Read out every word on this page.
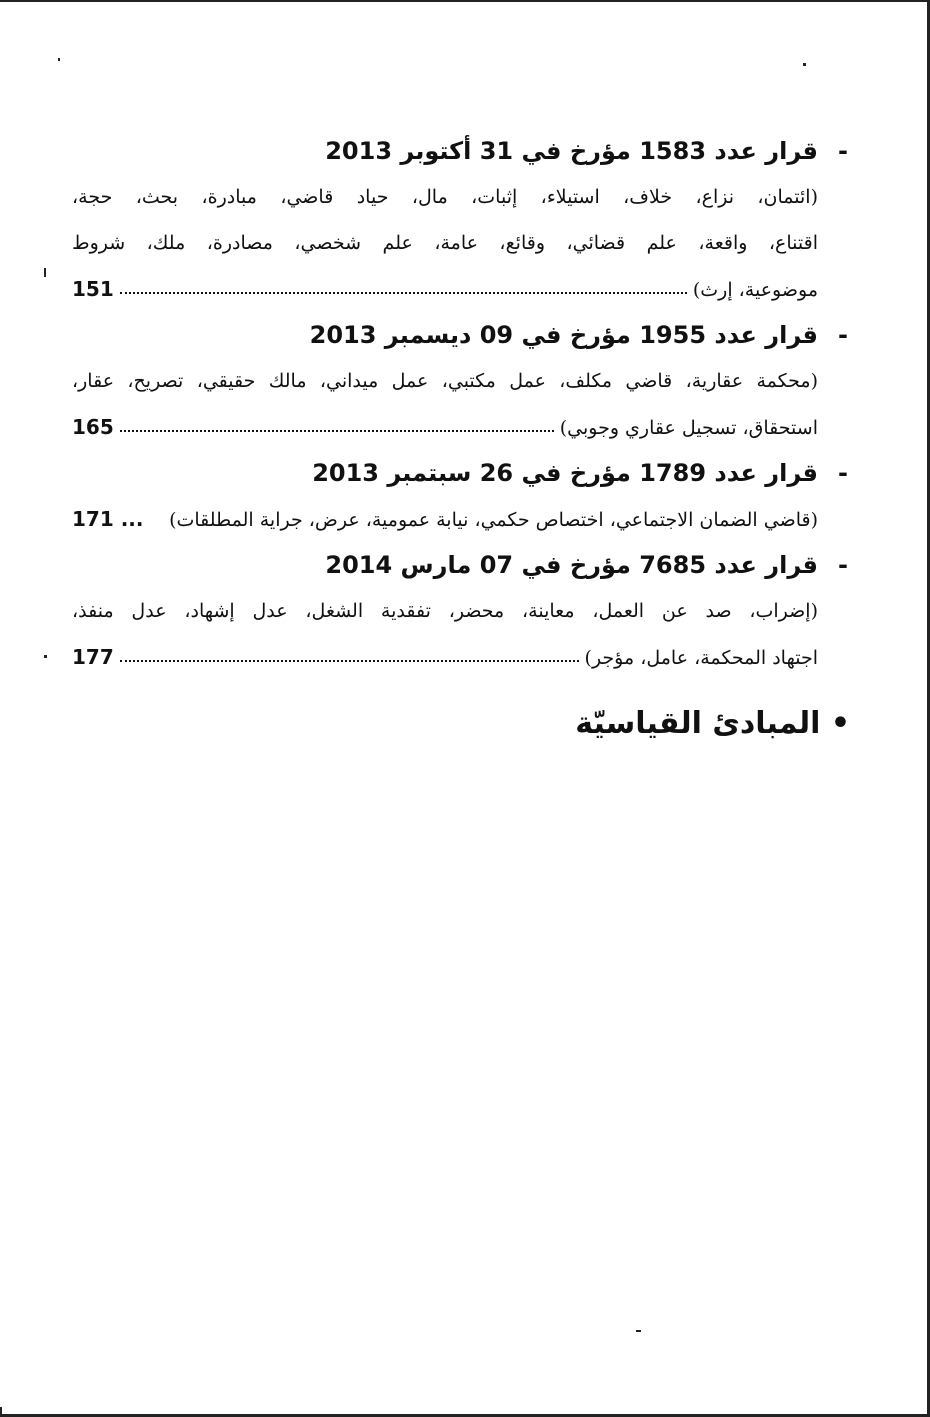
-
قرار عدد 1583 مؤرخ في 31 أكتوبر 2013
(ائتمان، نزاع، خلاف، استيلاء، إثبات، مال، حياد قاضي، مبادرة، بحث، حجة،
اقتناع، واقعة، علم قضائي، وقائع، عامة، علم شخصي، مصادرة، ملك، شروط
موضوعية، إرث)
151
-
قرار عدد 1955 مؤرخ في 09 ديسمبر 2013
(محكمة عقارية، قاضي مكلف، عمل مكتبي، عمل ميداني، مالك حقيقي، تصريح، عقار،
استحقاق، تسجيل عقاري وجوبي)
165
-
قرار عدد 1789 مؤرخ في 26 سبتمبر 2013
(قاضي الضمان الاجتماعي، اختصاص حكمي، نيابة عمومية، عرض، جراية المطلقات)
171 ...
-
قرار عدد 7685 مؤرخ في 07 مارس 2014
(إضراب، صد عن العمل، معاينة، محضر، تفقدية الشغل، عدل إشهاد، عدل منفذ،
اجتهاد المحكمة، عامل، مؤجر)
177
• المبادئ القياسيّة
